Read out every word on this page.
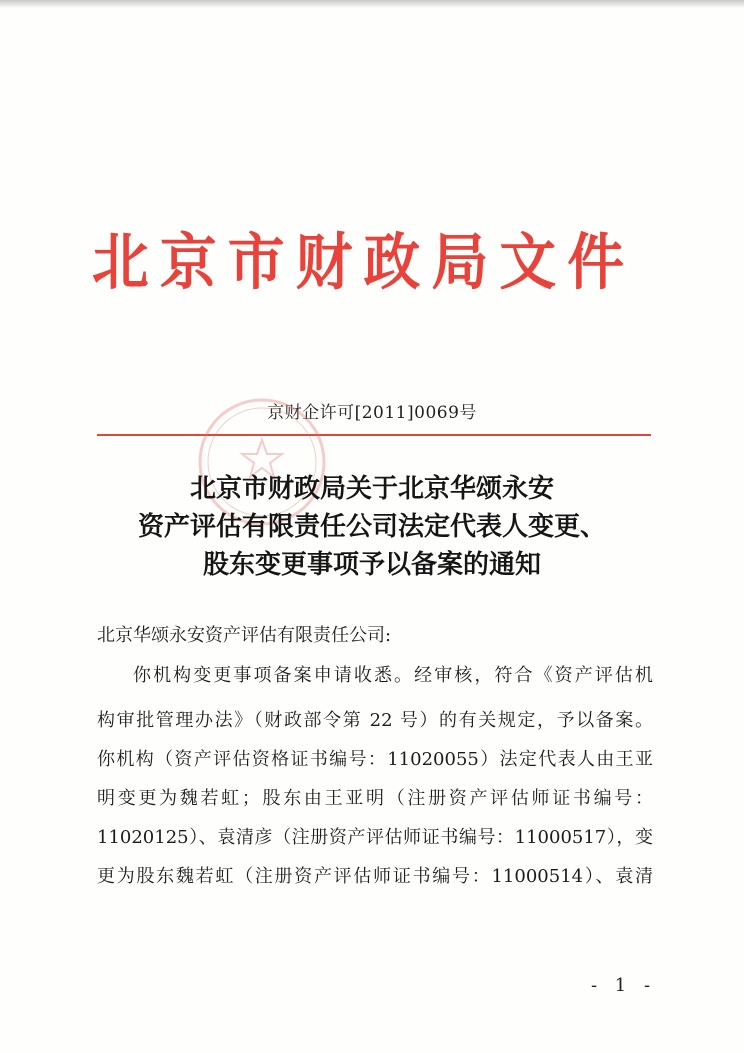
北京市财政局文件
京财企许可[2011]0069号
北京市财政局关于北京华颂永安
资产评估有限责任公司法定代表人变更、
股东变更事项予以备案的通知
北京华颂永安资产评估有限责任公司:
你机构变更事项备案申请收悉。经审核，符合《资产评估机
构审批管理办法》（财政部令第 22 号）的有关规定，予以备案。
你机构（资产评估资格证书编号：11020055）法定代表人由王亚
明变更为魏若虹；股东由王亚明（注册资产评估师证书编号：
11020125）、袁清彦（注册资产评估师证书编号：11000517），变
更为股东魏若虹（注册资产评估师证书编号：11000514）、袁清
- 1 -
